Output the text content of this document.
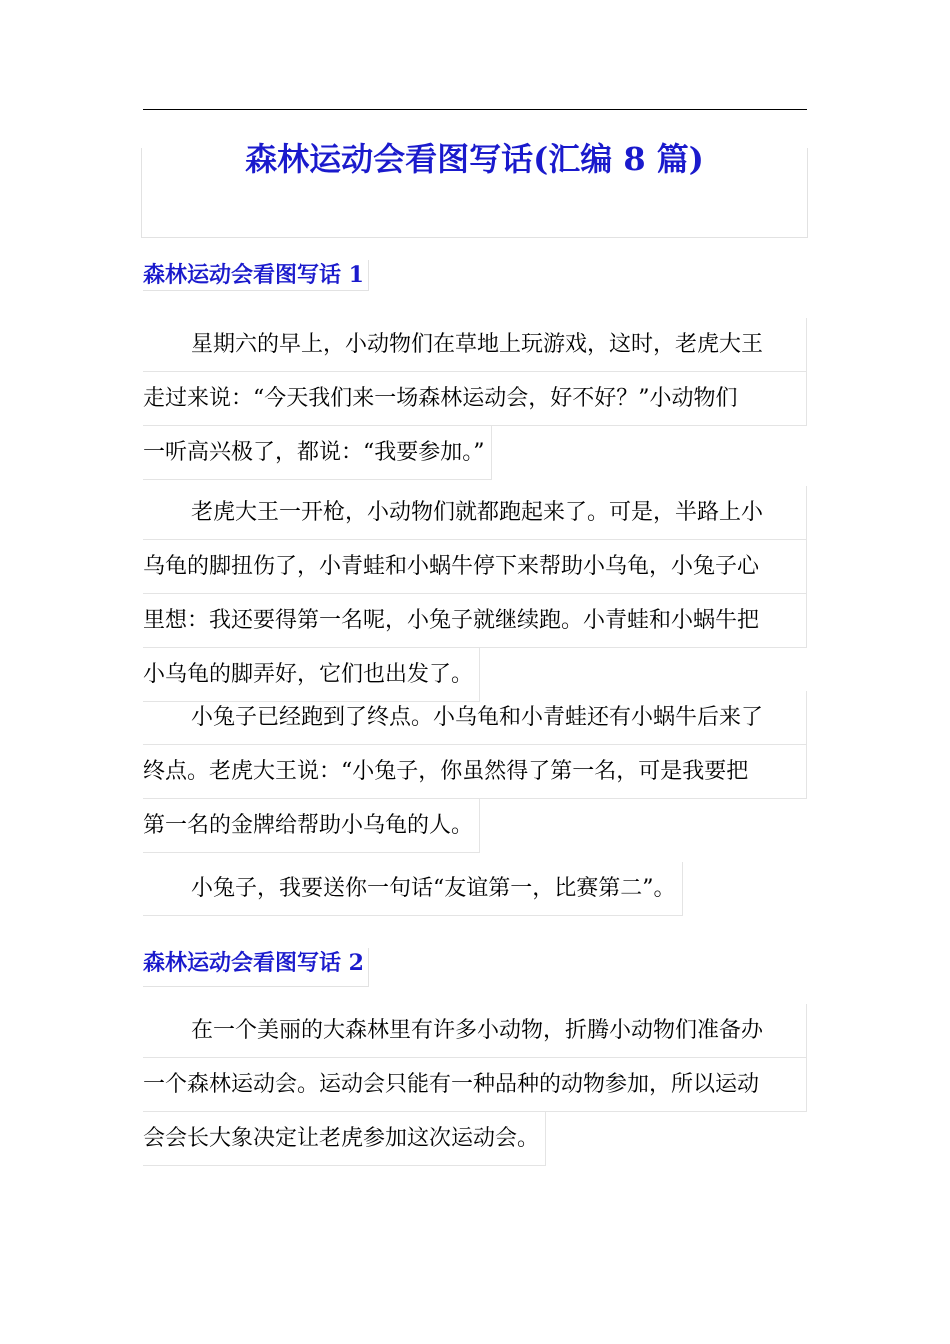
森林运动会看图写话(汇编 8 篇)
森林运动会看图写话 1
星期六的早上，小动物们在草地上玩游戏，这时，老虎大王
走过来说：“今天我们来一场森林运动会，好不好？”小动物们
一听高兴极了，都说：“我要参加。”
老虎大王一开枪，小动物们就都跑起来了。可是，半路上小
乌龟的脚扭伤了，小青蛙和小蜗牛停下来帮助小乌龟，小兔子心
里想：我还要得第一名呢，小兔子就继续跑。小青蛙和小蜗牛把
小乌龟的脚弄好，它们也出发了。
小兔子已经跑到了终点。小乌龟和小青蛙还有小蜗牛后来了
终点。老虎大王说：“小兔子，你虽然得了第一名，可是我要把
第一名的金牌给帮助小乌龟的人。
小兔子，我要送你一句话“友谊第一，比赛第二”。
森林运动会看图写话 2
在一个美丽的大森林里有许多小动物，折腾小动物们准备办
一个森林运动会。运动会只能有一种品种的动物参加，所以运动
会会长大象决定让老虎参加这次运动会。
